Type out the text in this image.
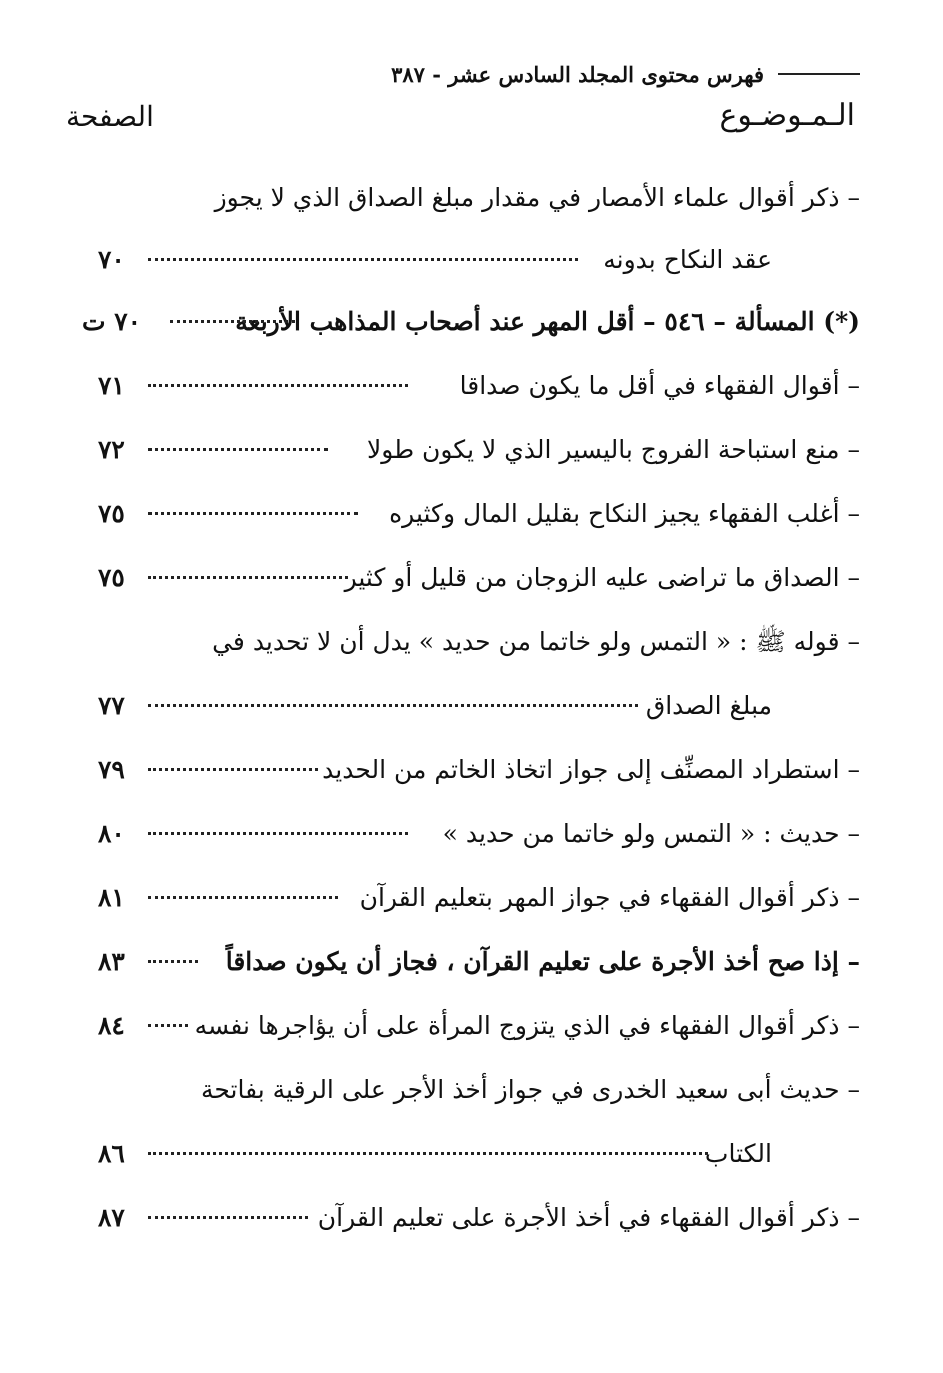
فهرس محتوى المجلد السادس عشر - ٣٨٧
الـمـوضـوع
الصفحة
– ذكر أقوال علماء الأمصار في مقدار مبلغ الصداق الذي لا يجوز
عقد النكاح بدونه
٧٠
(*) المسألة – ٥٤٦ – أقل المهر عند أصحاب المذاهب الأربعة
٧٠ ت
– أقوال الفقهاء في أقل ما يكون صداقا
٧١
– منع استباحة الفروج باليسير الذي لا يكون طولا
٧٢
– أغلب الفقهاء يجيز النكاح بقليل المال وكثيره
٧٥
– الصداق ما تراضى عليه الزوجان من قليل أو كثير
٧٥
– قوله ﷺ : « التمس ولو خاتما من حديد » يدل أن لا تحديد في
مبلغ الصداق
٧٧
– استطراد المصنِّف إلى جواز اتخاذ الخاتم من الحديد
٧٩
– حديث : « التمس ولو خاتما من حديد »
٨٠
– ذكر أقوال الفقهاء في جواز المهر بتعليم القرآن
٨١
– إذا صح أخذ الأجرة على تعليم القرآن ، فجاز أن يكون صداقاً
٨٣
– ذكر أقوال الفقهاء في الذي يتزوج المرأة على أن يؤاجرها نفسه
٨٤
– حديث أبى سعيد الخدرى في جواز أخذ الأجر على الرقية بفاتحة
الكتاب
٨٦
– ذكر أقوال الفقهاء في أخذ الأجرة على تعليم القرآن
٨٧
